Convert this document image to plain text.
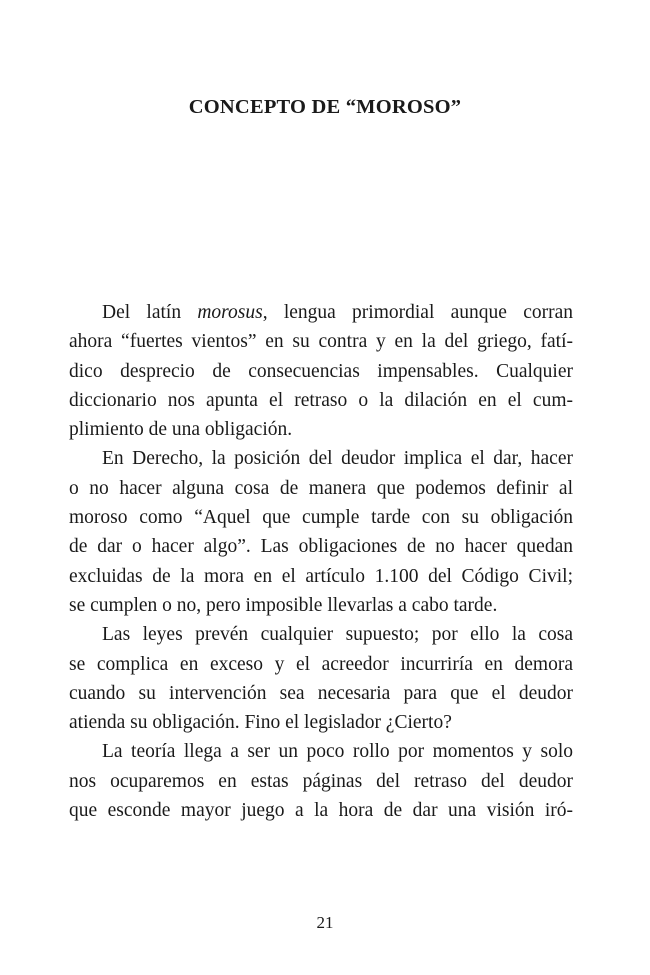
CONCEPTO DE “MOROSO”
Del latín morosus, lengua primordial aunque corran
ahora “fuertes vientos” en su contra y en la del griego, fatí-
dico desprecio de consecuencias impensables. Cualquier
diccionario nos apunta el retraso o la dilación en el cum-
plimiento de una obligación.
En Derecho, la posición del deudor implica el dar, hacer
o no hacer alguna cosa de manera que podemos definir al
moroso como “Aquel que cumple tarde con su obligación
de dar o hacer algo”. Las obligaciones de no hacer quedan
excluidas de la mora en el artículo 1.100 del Código Civil;
se cumplen o no, pero imposible llevarlas a cabo tarde.
Las leyes prevén cualquier supuesto; por ello la cosa
se complica en exceso y el acreedor incurriría en demora
cuando su intervención sea necesaria para que el deudor
atienda su obligación. Fino el legislador ¿Cierto?
La teoría llega a ser un poco rollo por momentos y solo
nos ocuparemos en estas páginas del retraso del deudor
que esconde mayor juego a la hora de dar una visión iró-
21
